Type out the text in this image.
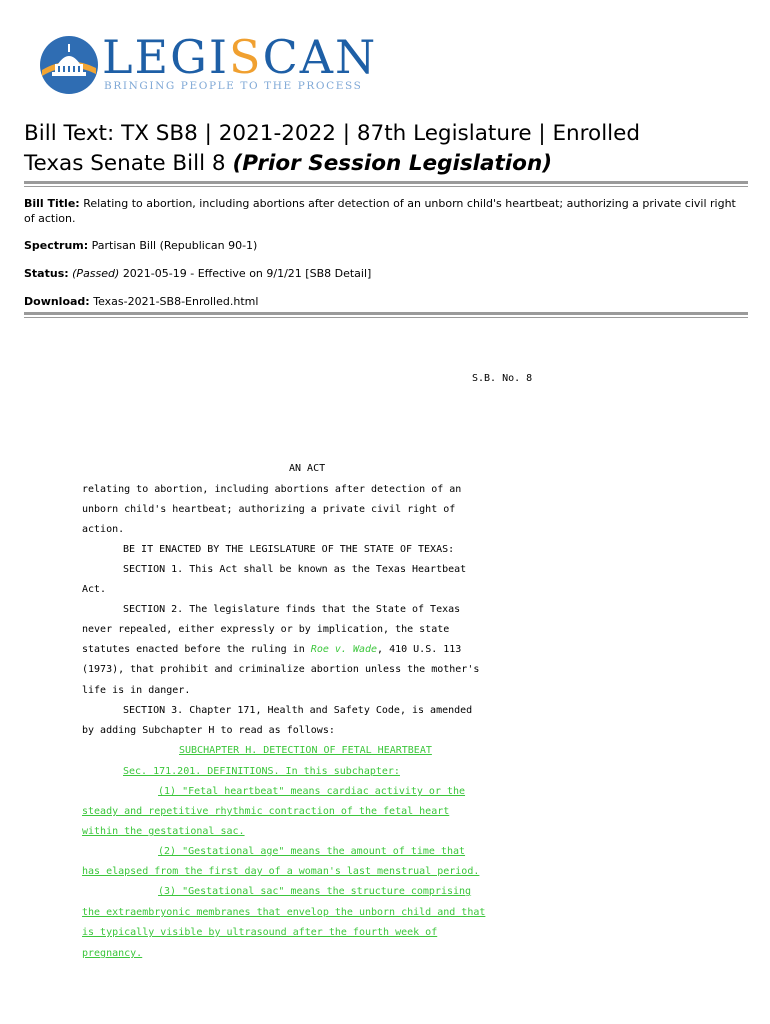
LEGISCAN
BRINGING PEOPLE TO THE PROCESS
Bill Text: TX SB8 | 2021-2022 | 87th Legislature | Enrolled
Texas Senate Bill 8 (Prior Session Legislation)
Bill Title: Relating to abortion, including abortions after detection of an unborn child's heartbeat; authorizing a private civil right of action.
Spectrum: Partisan Bill (Republican 90-1)
Status: (Passed) 2021-05-19 - Effective on 9/1/21 [SB8 Detail]
Download: Texas-2021-SB8-Enrolled.html
S.B. No. 8
AN ACT
relating to abortion, including abortions after detection of an
unborn child's heartbeat; authorizing a private civil right of
action.
BE IT ENACTED BY THE LEGISLATURE OF THE STATE OF TEXAS:
SECTION 1. This Act shall be known as the Texas Heartbeat
Act.
SECTION 2. The legislature finds that the State of Texas
never repealed, either expressly or by implication, the state
statutes enacted before the ruling in Roe v. Wade, 410 U.S. 113
(1973), that prohibit and criminalize abortion unless the mother's
life is in danger.
SECTION 3. Chapter 171, Health and Safety Code, is amended
by adding Subchapter H to read as follows:
SUBCHAPTER H. DETECTION OF FETAL HEARTBEAT
Sec. 171.201. DEFINITIONS. In this subchapter:
(1) "Fetal heartbeat" means cardiac activity or the
steady and repetitive rhythmic contraction of the fetal heart
within the gestational sac.
(2) "Gestational age" means the amount of time that
has elapsed from the first day of a woman's last menstrual period.
(3) "Gestational sac" means the structure comprising
the extraembryonic membranes that envelop the unborn child and that
is typically visible by ultrasound after the fourth week of
pregnancy.
